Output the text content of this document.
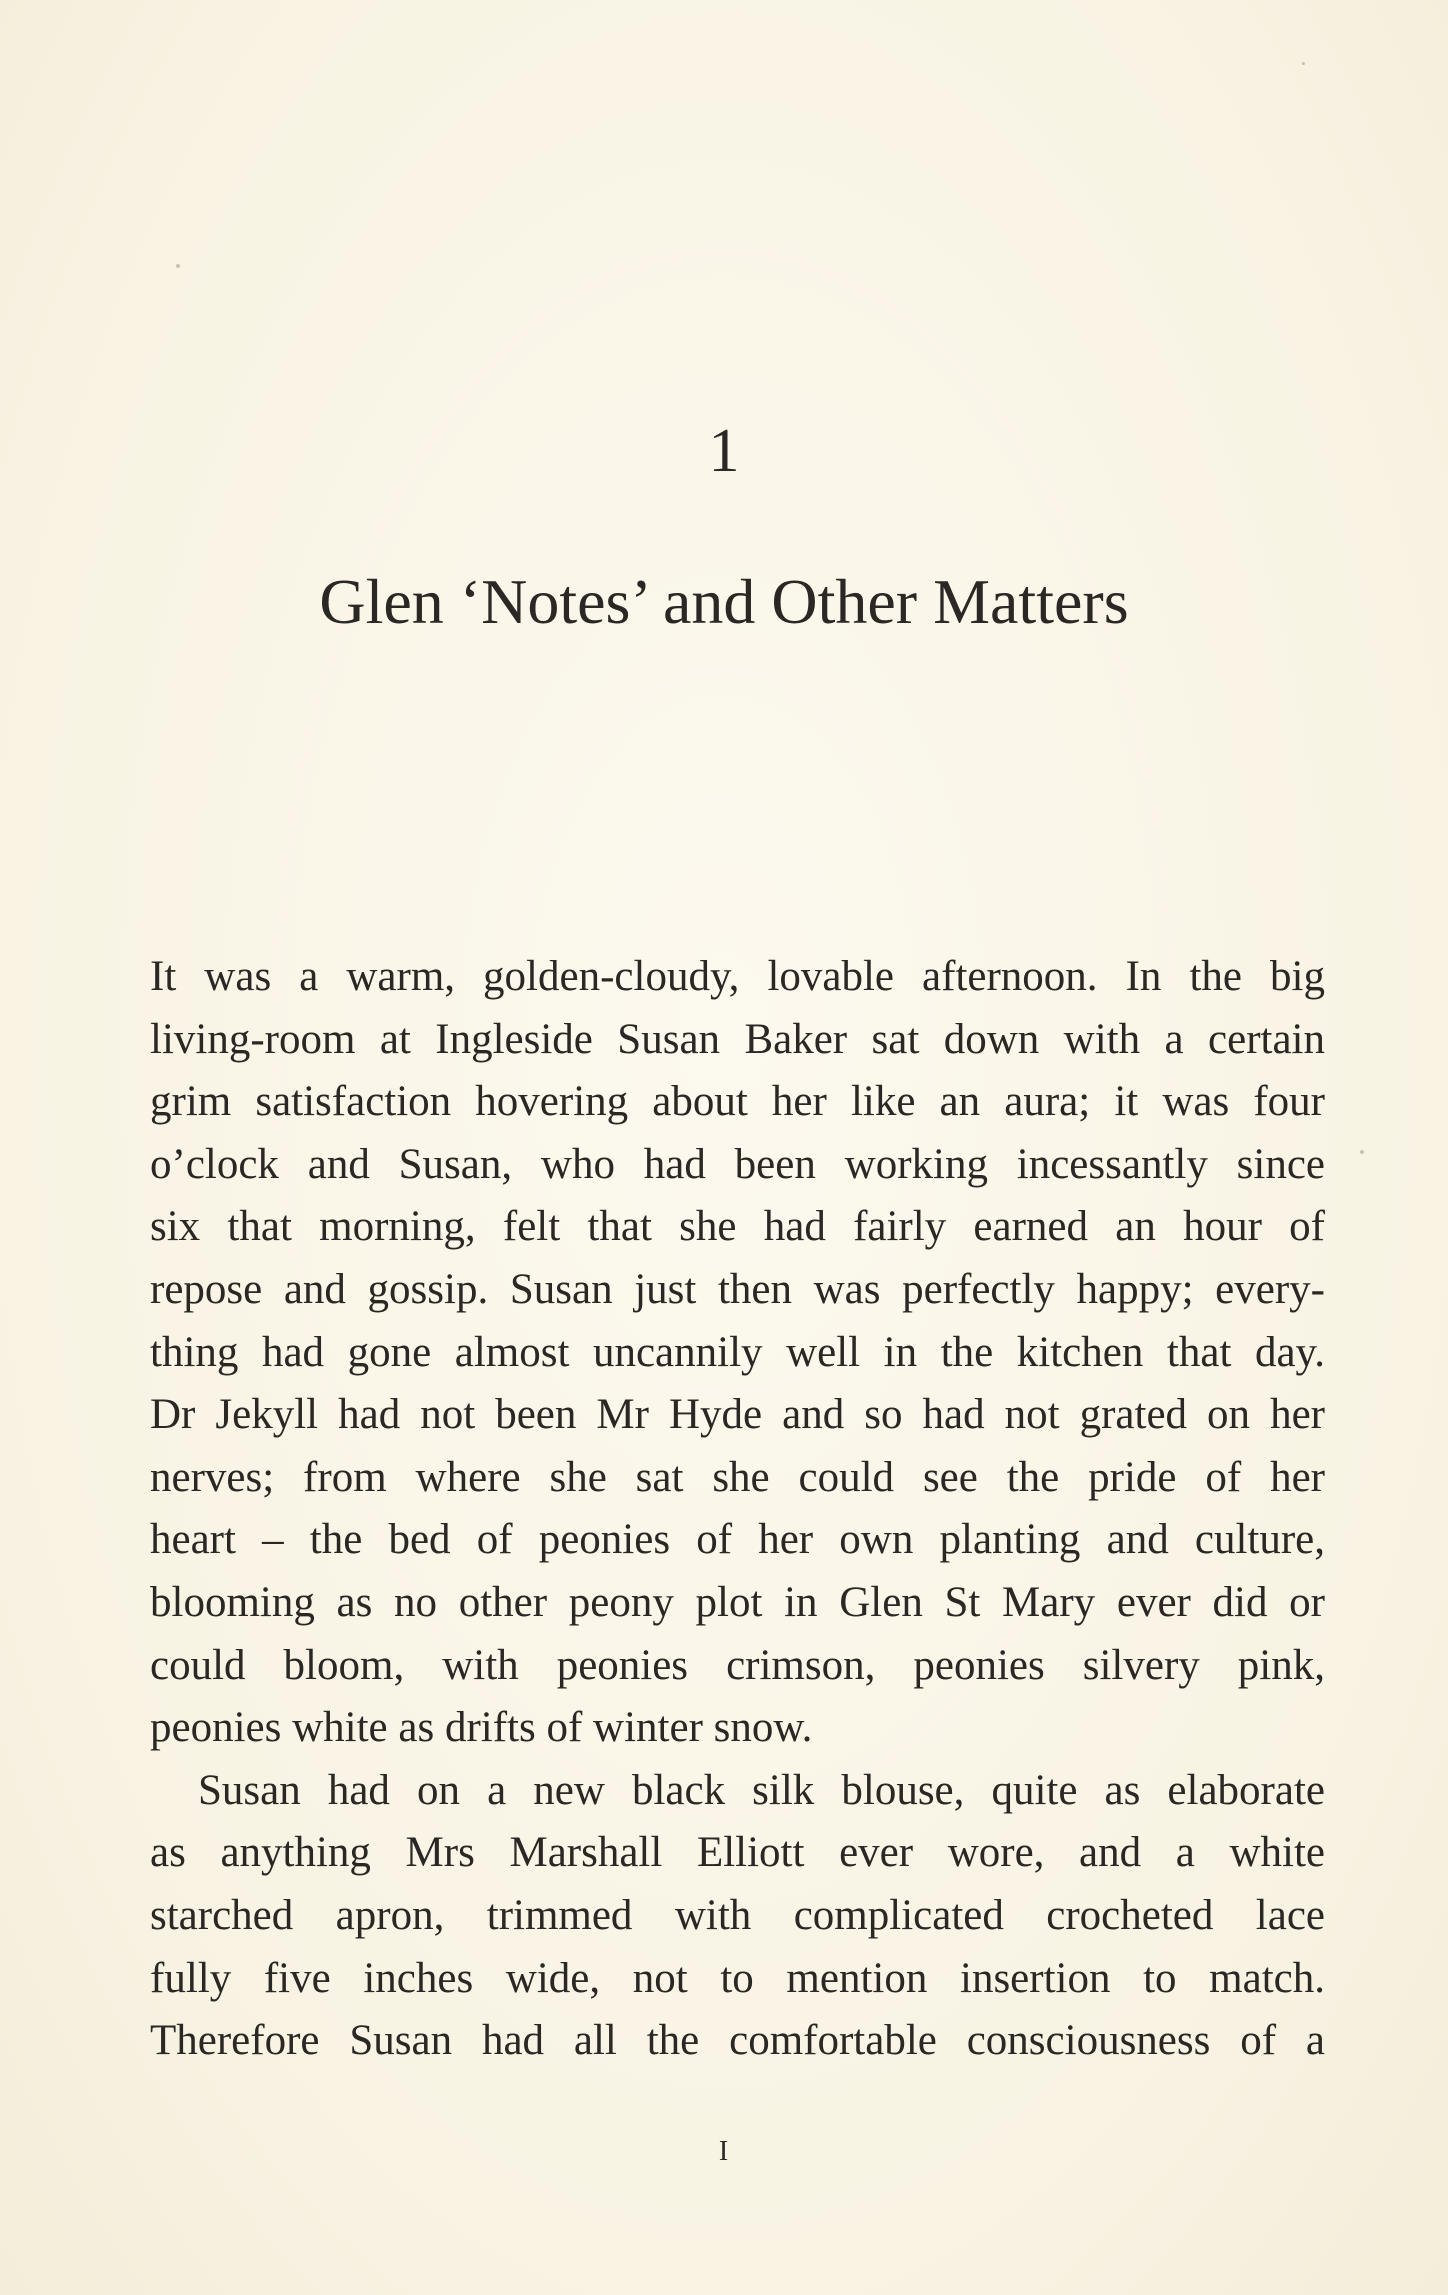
1
Glen ‘Notes’ and Other Matters
It was a warm, golden-cloudy, lovable afternoon. In the big
living-room at Ingleside Susan Baker sat down with a certain
grim satisfaction hovering about her like an aura; it was four
o’clock and Susan, who had been working incessantly since
six that morning, felt that she had fairly earned an hour of
repose and gossip. Susan just then was perfectly happy; every-
thing had gone almost uncannily well in the kitchen that day.
Dr Jekyll had not been Mr Hyde and so had not grated on her
nerves; from where she sat she could see the pride of her
heart – the bed of peonies of her own planting and culture,
blooming as no other peony plot in Glen St Mary ever did or
could bloom, with peonies crimson, peonies silvery pink,
peonies white as drifts of winter snow.
Susan had on a new black silk blouse, quite as elaborate
as anything Mrs Marshall Elliott ever wore, and a white
starched apron, trimmed with complicated crocheted lace
fully five inches wide, not to mention insertion to match.
Therefore Susan had all the comfortable consciousness of a
I
